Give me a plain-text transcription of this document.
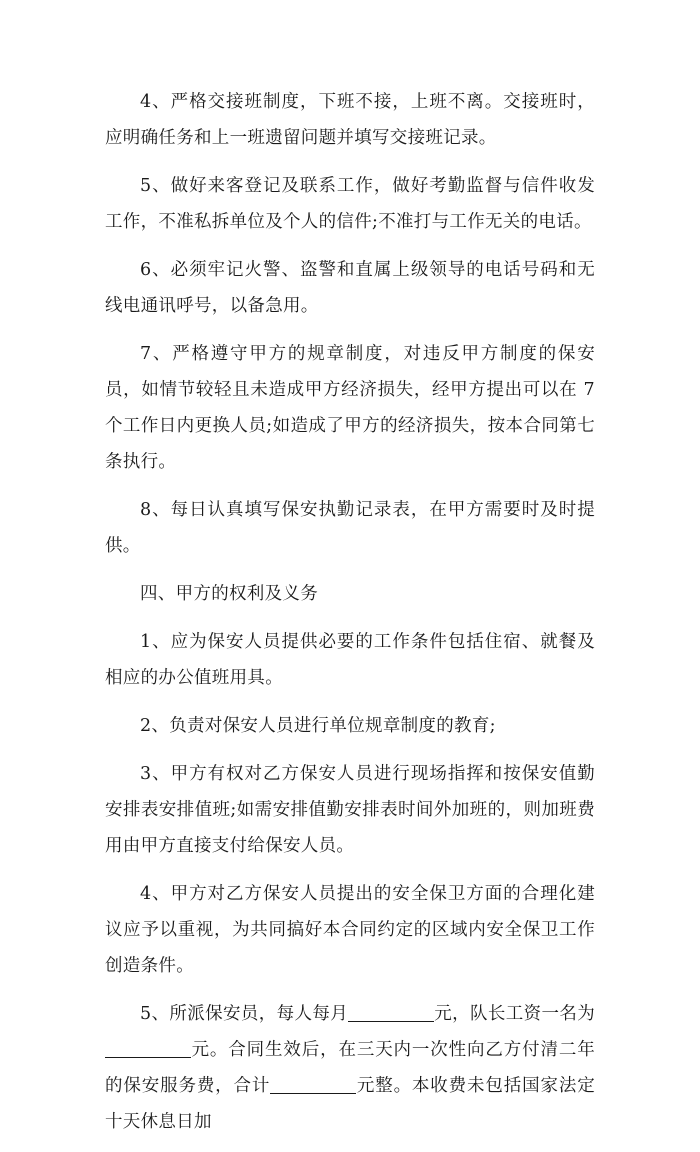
4、严格交接班制度，下班不接，上班不离。交接班时，应明确任务和上一班遗留问题并填写交接班记录。

5、做好来客登记及联系工作，做好考勤监督与信件收发工作，不准私拆单位及个人的信件;不准打与工作无关的电话。

6、必须牢记火警、盗警和直属上级领导的电话号码和无线电通讯呼号，以备急用。

7、严格遵守甲方的规章制度，对违反甲方制度的保安员，如情节较轻且未造成甲方经济损失，经甲方提出可以在 7 个工作日内更换人员;如造成了甲方的经济损失，按本合同第七条执行。

8、每日认真填写保安执勤记录表，在甲方需要时及时提供。

四、甲方的权利及义务

1、应为保安人员提供必要的工作条件包括住宿、就餐及相应的办公值班用具。

2、负责对保安人员进行单位规章制度的教育;

3、甲方有权对乙方保安人员进行现场指挥和按保安值勤安排表安排值班;如需安排值勤安排表时间外加班的，则加班费用由甲方直接支付给保安人员。

4、甲方对乙方保安人员提出的安全保卫方面的合理化建议应予以重视，为共同搞好本合同约定的区域内安全保卫工作创造条件。

5、所派保安员，每人每月	元，队长工资一名为元。合同生效后，在三天内一次性向乙方付清二年的保安服务费，合计	元整。本收费未包括国家法定十天休息日加
